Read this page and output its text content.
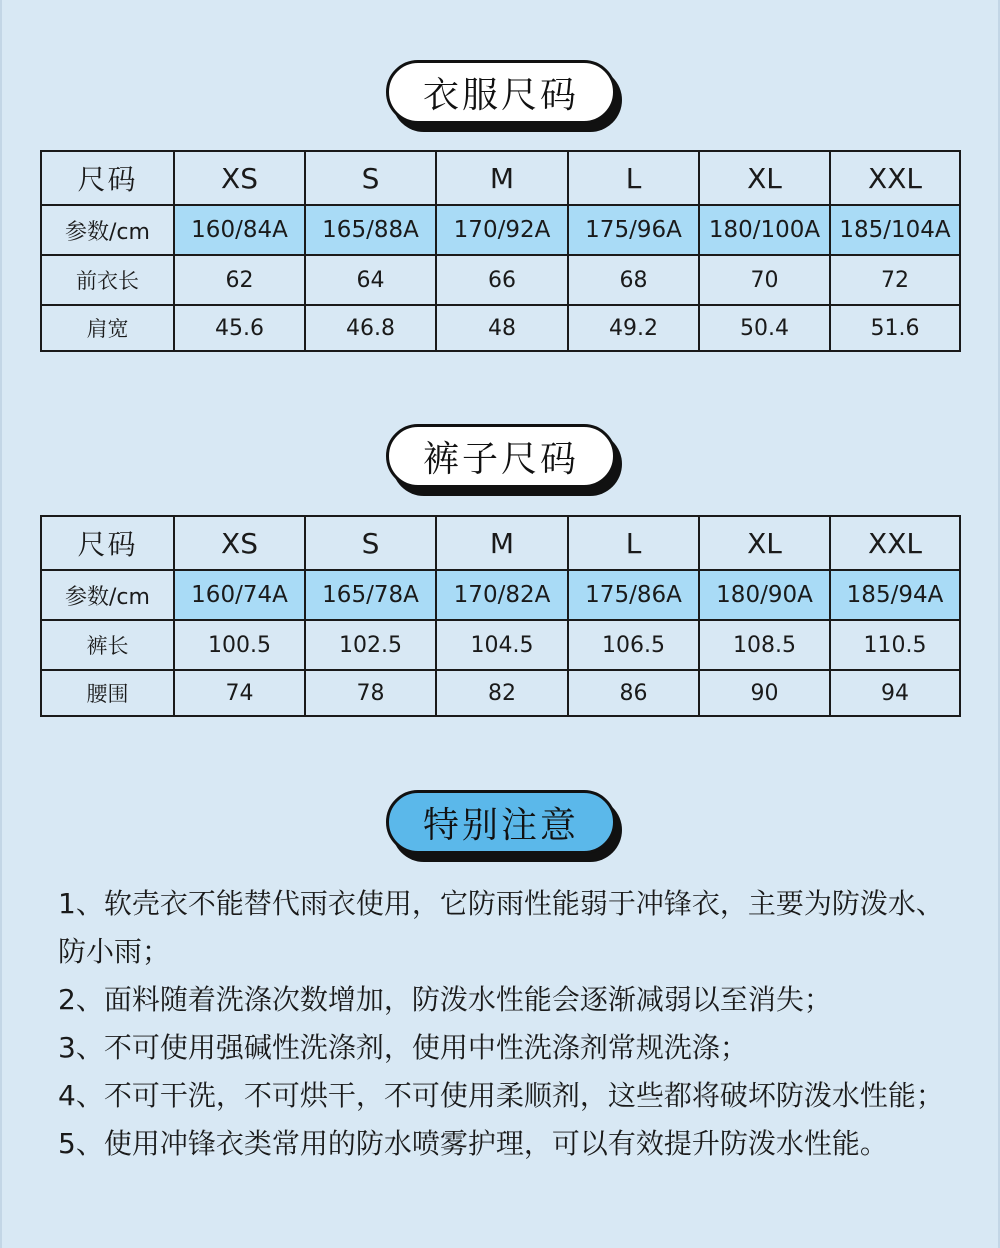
衣服尺码
尺码	XS	S	M	L	XL	XXL
参数/cm	160/84A	165/88A	170/92A	175/96A	180/100A	185/104A
前衣长	62	64	66	68	70	72
肩宽	45.6	46.8	48	49.2	50.4	51.6
裤子尺码
尺码	XS	S	M	L	XL	XXL
参数/cm	160/74A	165/78A	170/82A	175/86A	180/90A	185/94A
裤长	100.5	102.5	104.5	106.5	108.5	110.5
腰围	74	78	82	86	90	94
特别注意
1、软壳衣不能替代雨衣使用，它防雨性能弱于冲锋衣，主要为防泼水、防小雨；
2、面料随着洗涤次数增加，防泼水性能会逐渐减弱以至消失；
3、不可使用强碱性洗涤剂，使用中性洗涤剂常规洗涤；
4、不可干洗，不可烘干，不可使用柔顺剂，这些都将破坏防泼水性能；
5、使用冲锋衣类常用的防水喷雾护理，可以有效提升防泼水性能。
